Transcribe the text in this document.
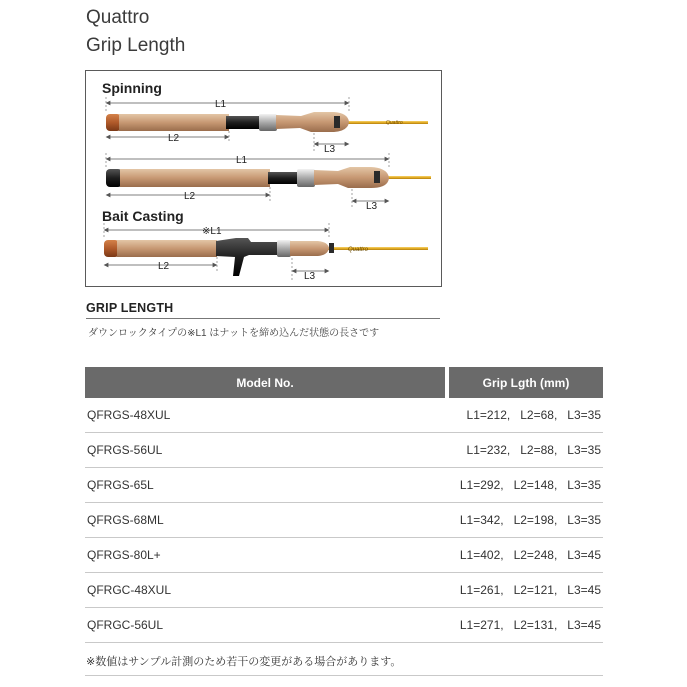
Quattro
Grip Length
Spinning
Quattro
L1
L2
L3
L1
L2
L3
Bait Casting
Quattro
※L1
L2
L3
GRIP LENGTH
ダウンロックタイプの※L1 はナットを締め込んだ状態の長さです
Model No.	Grip Lgth (mm)
QFRGS-48XUL	L1=212,   L2=68,   L3=35
QFRGS-56UL	L1=232,   L2=88,   L3=35
QFRGS-65L	L1=292,   L2=148,   L3=35
QFRGS-68ML	L1=342,   L2=198,   L3=35
QFRGS-80L+	L1=402,   L2=248,   L3=45
QFRGC-48XUL	L1=261,   L2=121,   L3=45
QFRGC-56UL	L1=271,   L2=131,   L3=45
※数値はサンプル計測のため若干の変更がある場合があります。
